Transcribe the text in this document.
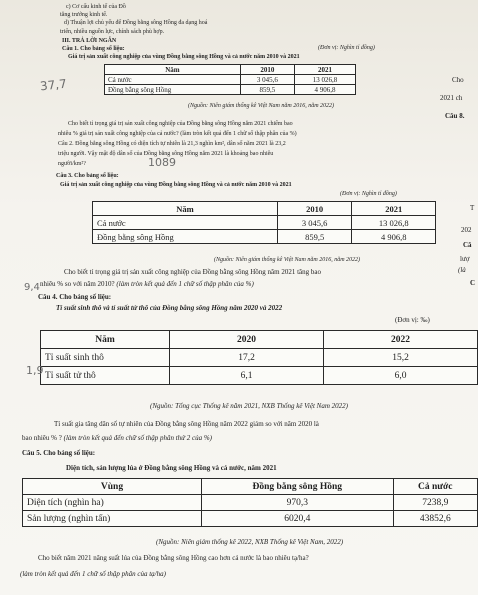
c) Cơ cấu kinh tế của Đồ
tăng trưởng kinh tế.
d) Thuận lợi chủ yếu để Đồng bằng sông Hồng đa dạng hoá
triển, nhiều nguồn lực, chính sách phù hợp.
III. TRẢ LỜI NGẮN
Câu 1. Cho bảng số liệu:
Giá trị sản xuất công nghiệp của vùng Đồng bằng sông Hồng và cả nước năm 2010 và 2021
(Đơn vị: Nghìn tỉ đồng)
Năm	2010	2021
Cả nước	3 045,6	13 026,8
Đồng bằng sông Hồng	859,5	4 906,8
(Nguồn: Niên giám thống kê Việt Nam năm 2016, năm 2022)
Cho biết tỉ trọng giá trị sản xuất công nghiệp của Đồng bằng sông Hồng năm 2021 chiếm bao
nhiêu % giá trị sản xuất công nghiệp của cả nước? (làm tròn kết quả đến 1 chữ số thập phân của %)
Câu 2. Đồng bằng sông Hồng có diện tích tự nhiên là 21,3 nghìn km², dân số năm 2021 là 23,2
triệu người. Vậy mật độ dân số của Đồng bằng sông Hồng năm 2021 là khoảng bao nhiêu
người/km²?
Câu 3. Cho bảng số liệu:
Giá trị sản xuất công nghiệp của vùng Đồng bằng sông Hồng và cả nước năm 2010 và 2021
(Đơn vị: Nghìn tỉ đồng)
Năm	2010	2021
Cả nước	3 045,6	13 026,8
Đồng bằng sông Hồng	859,5	4 906,8
(Nguồn: Niên giám thống kê Việt Nam năm 2016, năm 2022)
Cho biết tỉ trọng giá trị sản xuất công nghiệp của Đồng bằng sông Hồng năm 2021 tăng bao
nhiêu % so với năm 2010? (làm tròn kết quả đến 1 chữ số thập phân của %)
Câu 4. Cho bảng số liệu:
Tỉ suất sinh thô và tỉ suất tử thô của Đồng bằng sông Hồng năm 2020 và 2022
(Đơn vị: ‰)
Năm	2020	2022
Tỉ suất sinh thô	17,2	15,2
Tỉ suất tử thô	6,1	6,0
(Nguồn: Tổng cục Thống kê năm 2021, NXB Thống kê Việt Nam 2022)
Tỉ suất gia tăng dân số tự nhiên của Đồng bằng sông Hồng năm 2022 giảm so với năm 2020 là
bao nhiêu % ? (làm tròn kết quả đến chữ số thập phân thứ 2 của %)
Câu 5. Cho bảng số liệu:
Diện tích, sản lượng lúa ở Đồng bằng sông Hồng và cả nước, năm 2021
Vùng	Đồng bằng sông Hồng	Cả nước
Diện tích (nghìn ha)	970,3	7238,9
Sản lượng (nghìn tấn)	6020,4	43852,6
(Nguồn: Niên giám thống kê 2022, NXB Thống kê Việt Nam, 2022)
Cho biết năm 2021 năng suất lúa của Đồng bằng sông Hồng cao hơn cả nước là bao nhiêu tạ/ha?
(làm tròn kết quả đến 1 chữ số thập phân của tạ/ha)
Cho
2021 ch
Câu 8.
T
202
Câ
lượ
(là
C
37,7
1089
9,4
1,9
